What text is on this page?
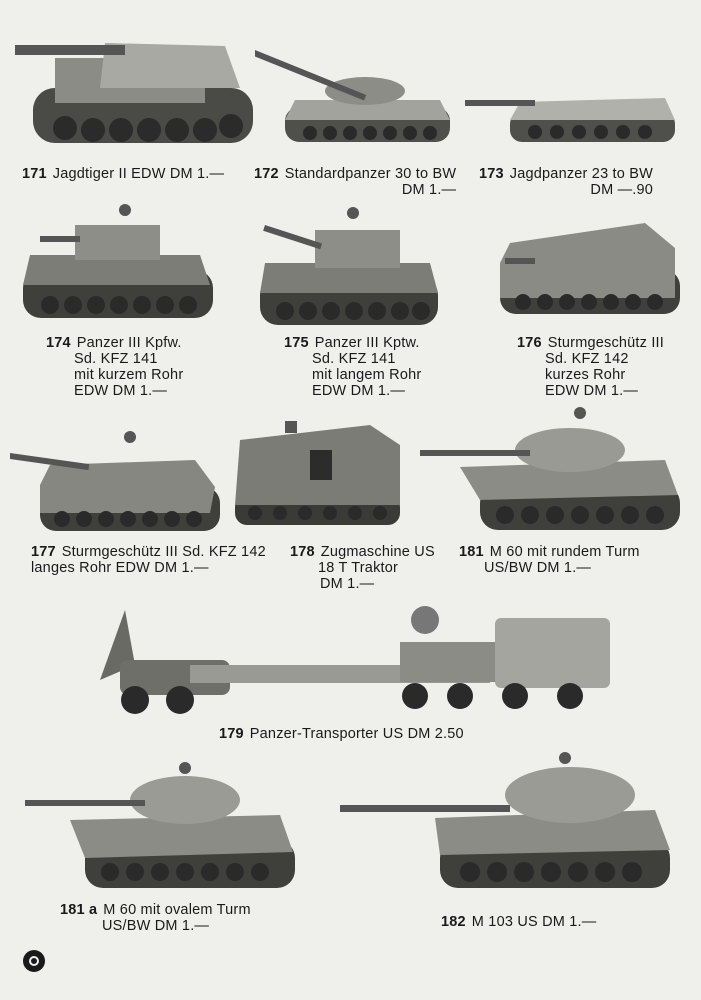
171 Jagdtiger II EDW DM 1.— 172 Standardpanzer 30 to BW
DM 1.—
173 Jagdpanzer 23 to BW
DM —.90
174 Panzer III Kpfw.
Sd. KFZ 141
mit kurzem Rohr
EDW DM 1.—
175 Panzer III Kptw.
Sd. KFZ 141
mit langem Rohr
EDW DM 1.—
176 Sturmgeschütz III
Sd. KFZ 142
kurzes Rohr
EDW DM 1.—
177 Sturmgeschütz III Sd. KFZ 142
langes Rohr EDW DM 1.—
178 Zugmaschine US
18 T Traktor
DM 1.—
181 M 60 mit rundem Turm
US/BW DM 1.—
179 Panzer-Transporter US DM 2.50
181 a M 60 mit ovalem Turm
US/BW DM 1.—	182 M 103 US DM 1.—
